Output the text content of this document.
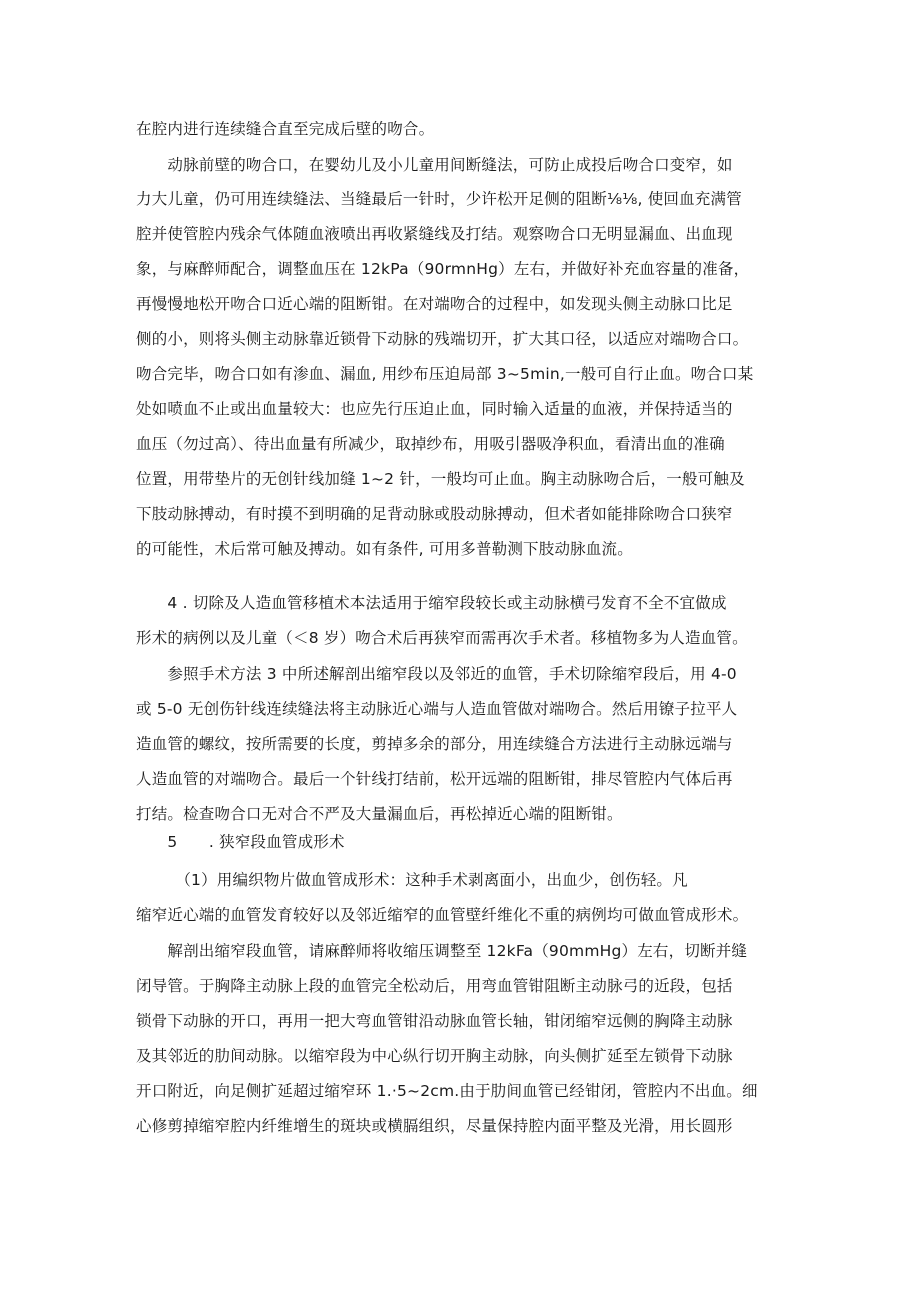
在腔内进行连续缝合直至完成后壁的吻合。
　　动脉前壁的吻合口，在婴幼儿及小儿童用间断缝法，可防止成投后吻合口变窄，如
力大儿童，仍可用连续缝法、当缝最后一针时，少许松开足侧的阻断⅛⅛, 使回血充满管
腔并使管腔内残余气体随血液喷出再收紧缝线及打结。观察吻合口无明显漏血、出血现
象，与麻醉师配合，调整血压在 12kPa（90rmnHg）左右，并做好补充血容量的准备，
再慢慢地松开吻合口近心端的阻断钳。在对端吻合的过程中，如发现头侧主动脉口比足
侧的小，则将头侧主动脉靠近锁骨下动脉的残端切开，扩大其口径，以适应对端吻合口。
吻合完毕，吻合口如有渗血、漏血, 用纱布压迫局部 3~5min,一般可自行止血。吻合口某
处如喷血不止或出血量较大：也应先行压迫止血，同时输入适量的血液，并保持适当的
血压（勿过高）、待出血量有所减少，取掉纱布，用吸引器吸净积血，看清出血的准确
位置，用带垫片的无创针线加缝 1~2 针，一般均可止血。胸主动脉吻合后，一般可触及
下肢动脉搏动，有时摸不到明确的足背动脉或股动脉搏动，但术者如能排除吻合口狭窄
的可能性，术后常可触及搏动。如有条件, 可用多普勒测下肢动脉血流。
　　4 . 切除及人造血管移植术本法适用于缩窄段较长或主动脉横弓发育不全不宜做成
形术的病例以及儿童（＜8 岁）吻合术后再狭窄而需再次手术者。移植物多为人造血管。
　　参照手术方法 3 中所述解剖出缩窄段以及邻近的血管，手术切除缩窄段后，用 4-0
或 5-0 无创伤针线连续缝法将主动脉近心端与人造血管做对端吻合。然后用镣子拉平人
造血管的螺纹，按所需要的长度，剪掉多余的部分，用连续缝合方法进行主动脉远端与
人造血管的对端吻合。最后一个针线打结前，松开远端的阻断钳，排尽管腔内气体后再
打结。检查吻合口无对合不严及大量漏血后，再松掉近心端的阻断钳。
　　5　　. 狭窄段血管成形术
　　　（1）用编织物片做血管成形术：这种手术剥离面小，出血少，创伤轻。凡
缩窄近心端的血管发育较好以及邻近缩窄的血管壁纤维化不重的病例均可做血管成形术。
　　解剖出缩窄段血管，请麻醉师将收缩压调整至 12kFa（90mmHg）左右，切断并缝
闭导管。于胸降主动脉上段的血管完全松动后，用弯血管钳阻断主动脉弓的近段，包括
锁骨下动脉的开口，再用一把大弯血管钳沿动脉血管长轴，钳闭缩窄远侧的胸降主动脉
及其邻近的肋间动脉。以缩窄段为中心纵行切开胸主动脉，向头侧扩延至左锁骨下动脉
开口附近，向足侧扩延超过缩窄环 1.·5~2cm.由于肋间血管已经钳闭，管腔内不出血。细
心修剪掉缩窄腔内纤维增生的斑块或横膈组织，尽量保持腔内面平整及光滑，用长圆形
